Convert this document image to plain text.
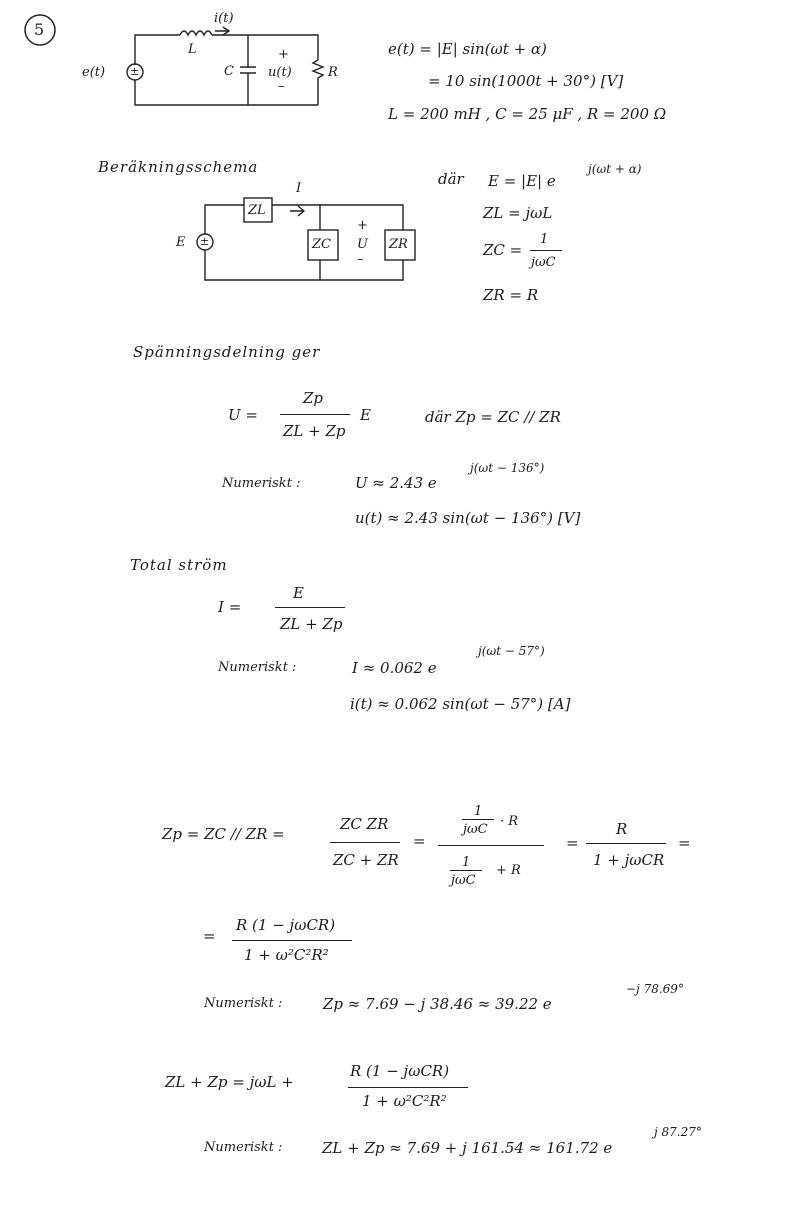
5
e(t) ±
L
i(t)
C
+
u(t)
–
R
e(t) = |E| sin(ωt + α)
= 10 sin(1000t + 30°) [V]
L = 200 mH , C = 25 μF , R = 200 Ω
Beräkningsschema
E ±
ZL
I
ZC
+
U
–
ZR
där E = |E| e
j(ωt + α)
ZL = jωL
ZC =
1
jωC
ZR = R
Spänningsdelning ger
U =
Zp
ZL + Zp
E	där Zp = ZC // ZR
Numeriskt :	U ≈ 2.43 e
j(ωt − 136°)
u(t) ≈ 2.43 sin(ωt − 136°) [V]
Total ström
I =
E
ZL + Zp
Numeriskt :	I ≈ 0.062 e
j(ωt − 57°)
i(t) ≈ 0.062 sin(ωt − 57°) [A]
Zp = ZC // ZR =
ZC ZR
ZC + ZR
=
1
jωC
· R
1
jωC
+ R
=
R
1 + jωCR
=
=
R (1 − jωCR)
1 + ω²C²R²
Numeriskt :	Zp ≈ 7.69 − j 38.46 ≈ 39.22 e
−j 78.69°
ZL + Zp = jωL +
R (1 − jωCR)
1 + ω²C²R²
Numeriskt :	ZL + Zp ≈ 7.69 + j 161.54 ≈ 161.72 e
j 87.27°
